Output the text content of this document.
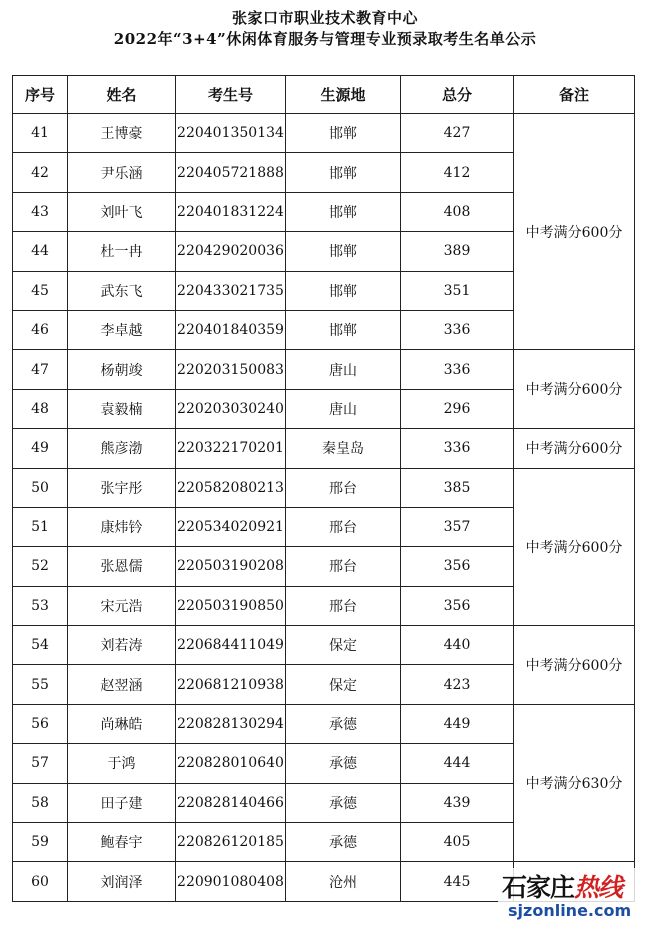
张家口市职业技术教育中心
2022年“3+4”休闲体育服务与管理专业预录取考生名单公示
序号	姓名	考生号	生源地	总分	备注
41	王博豪	220401350134	邯郸	427	中考满分600分
42	尹乐涵	220405721888	邯郸	412	
43	刘叶飞	220401831224	邯郸	408	
44	杜一冉	220429020036	邯郸	389	
45	武东飞	220433021735	邯郸	351	
46	李卓越	220401840359	邯郸	336	
47	杨朝竣	220203150083	唐山	336	中考满分600分
48	袁毅楠	220203030240	唐山	296	
49	熊彦渤	220322170201	秦皇岛	336	中考满分600分
50	张宇彤	220582080213	邢台	385	中考满分600分
51	康炜钤	220534020921	邢台	357	
52	张恩儒	220503190208	邢台	356	
53	宋元浩	220503190850	邢台	356	
54	刘若涛	220684411049	保定	440	中考满分600分
55	赵翌涵	220681210938	保定	423	
56	尚琳皓	220828130294	承德	449	中考满分630分
57	于鸿	220828010640	承德	444	
58	田子建	220828140466	承德	439	
59	鲍春宇	220826120185	承德	405	
60	刘润泽	220901080408	沧州	445	石家庄热线
sjzonline.com
